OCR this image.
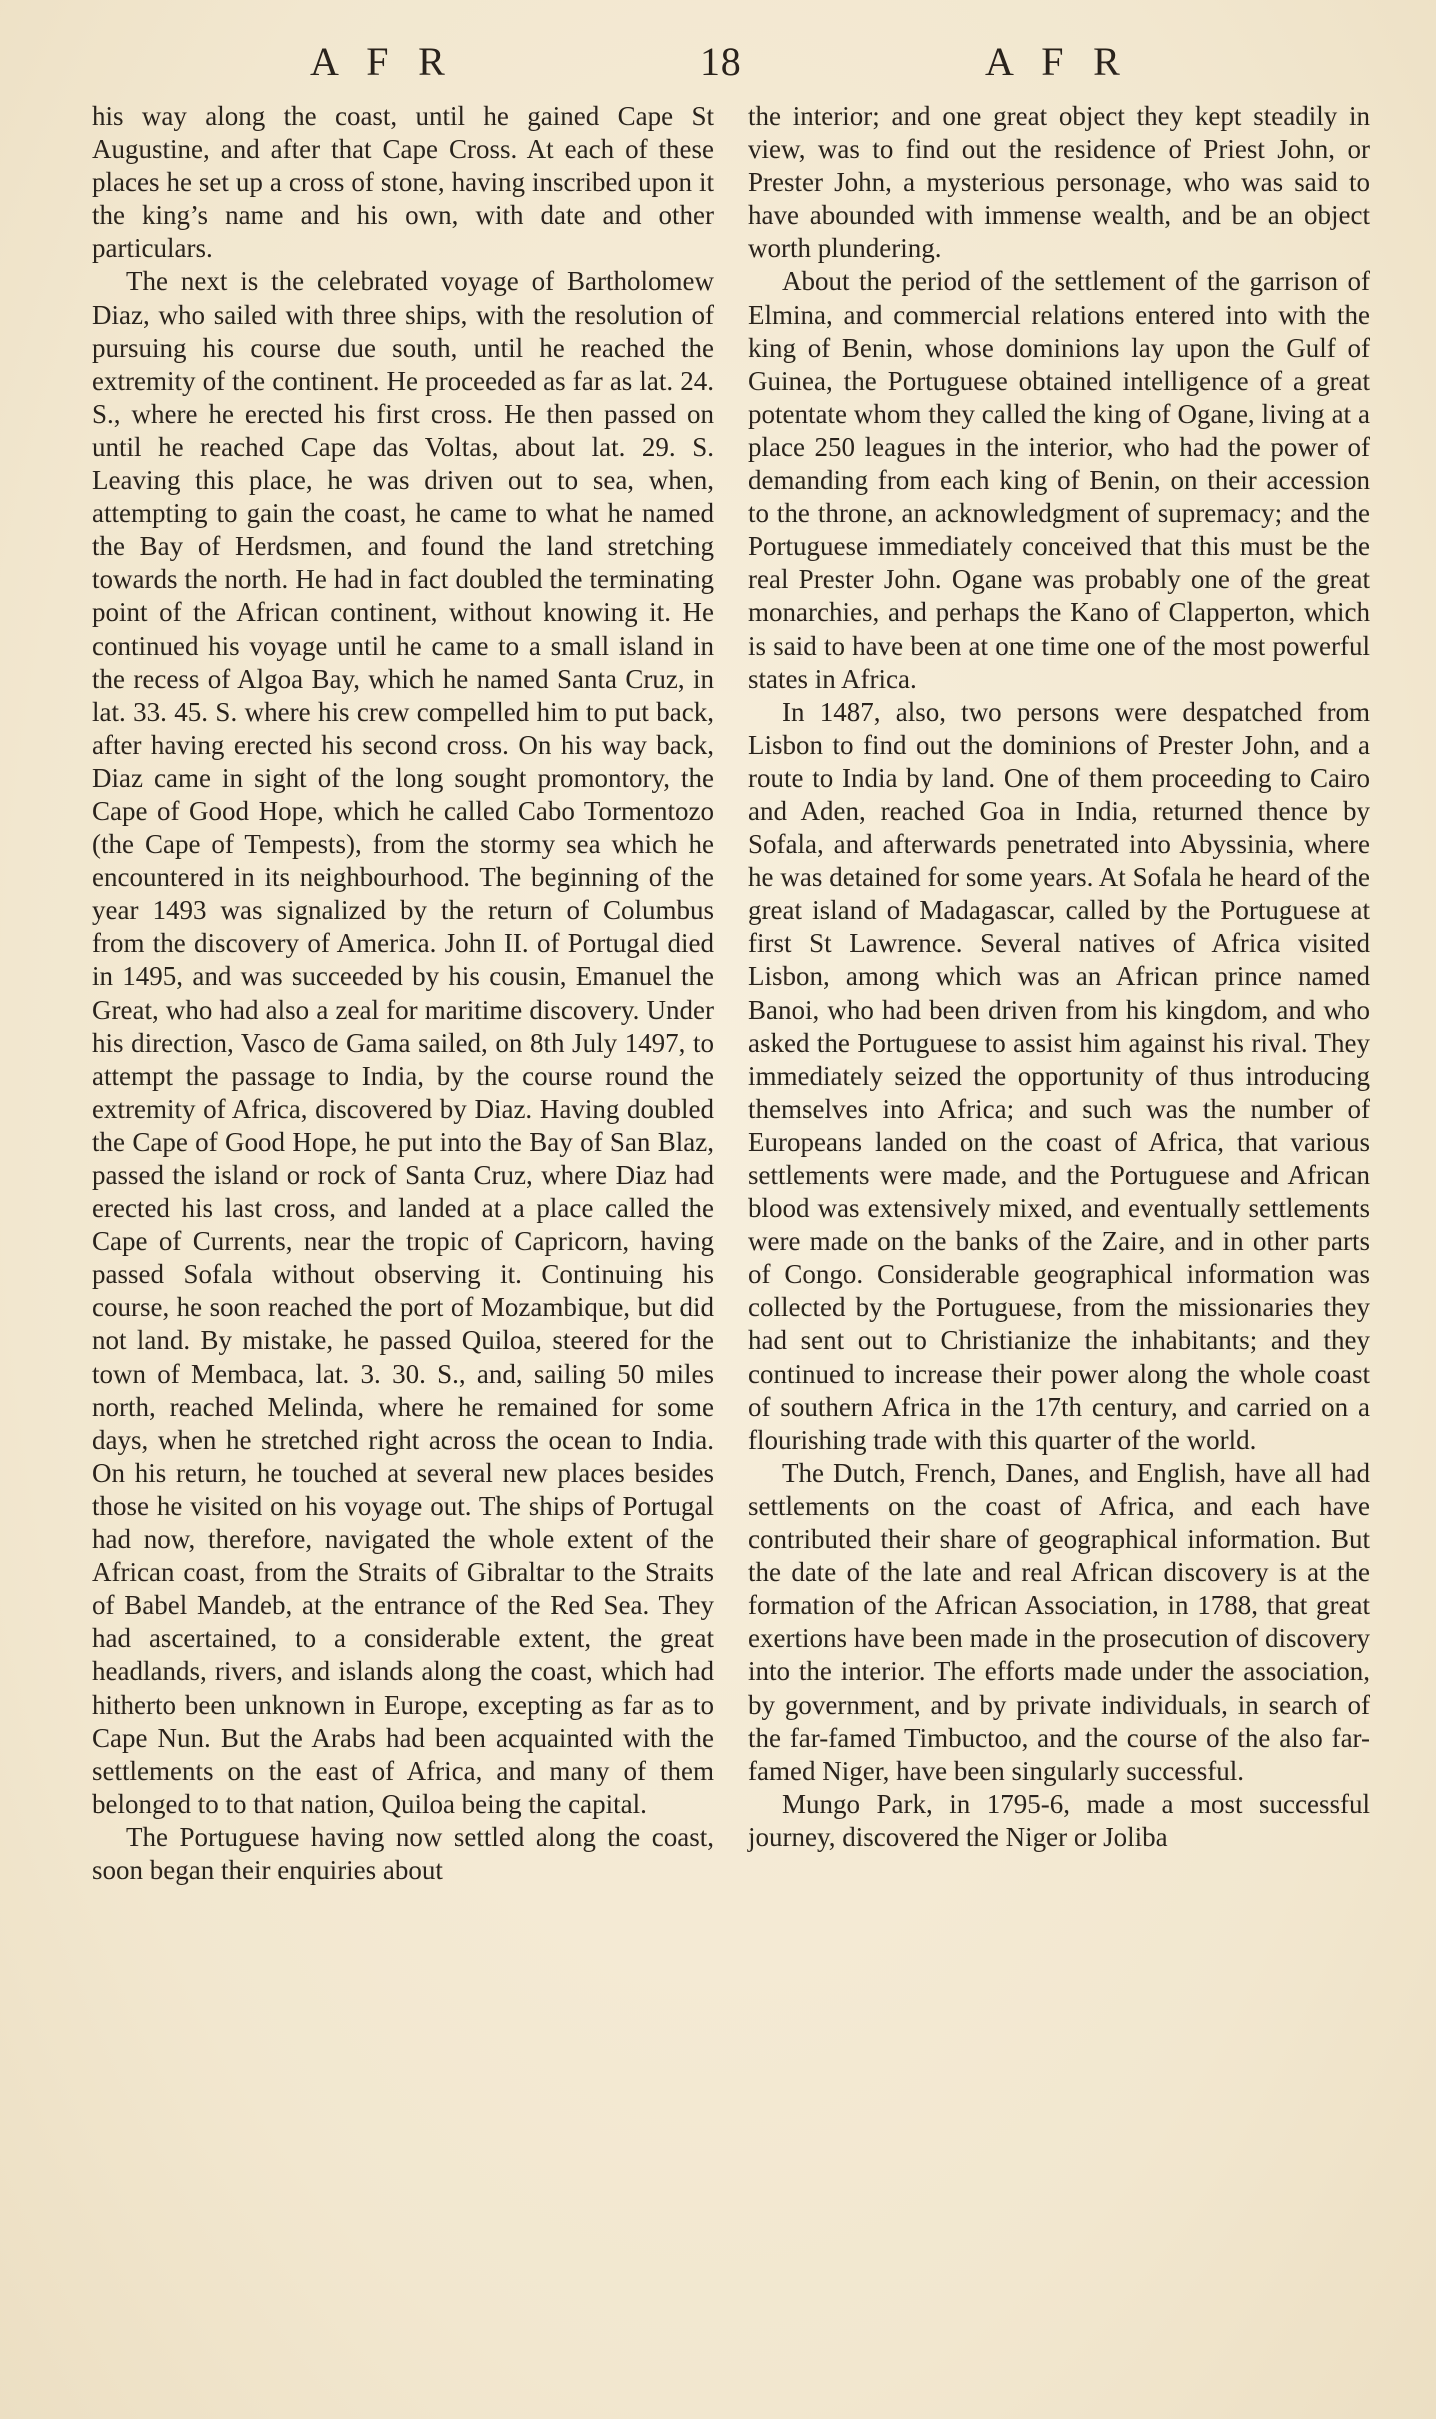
A F R	18	A F R

his way along the coast, until he gained Cape St Augustine, and after that Cape Cross. At each of these places he set up a cross of stone, having inscribed upon it the king’s name and his own, with date and other particulars.

The next is the celebrated voyage of Bartholomew Diaz, who sailed with three ships, with the resolution of pursuing his course due south, until he reached the extremity of the continent. He proceeded as far as lat. 24. S., where he erected his first cross. He then passed on until he reached Cape das Voltas, about lat. 29. S. Leaving this place, he was driven out to sea, when, attempting to gain the coast, he came to what he named the Bay of Herdsmen, and found the land stretching towards the north. He had in fact doubled the terminating point of the African continent, without knowing it. He continued his voyage until he came to a small island in the recess of Algoa Bay, which he named Santa Cruz, in lat. 33. 45. S. where his crew compelled him to put back, after having erected his second cross. On his way back, Diaz came in sight of the long sought promontory, the Cape of Good Hope, which he called Cabo Tormentozo (the Cape of Tempests), from the stormy sea which he encountered in its neighbourhood. The beginning of the year 1493 was signalized by the return of Columbus from the discovery of America. John II. of Portugal died in 1495, and was succeeded by his cousin, Emanuel the Great, who had also a zeal for maritime discovery. Under his direction, Vasco de Gama sailed, on 8th July 1497, to attempt the passage to India, by the course round the extremity of Africa, discovered by Diaz. Having doubled the Cape of Good Hope, he put into the Bay of San Blaz, passed the island or rock of Santa Cruz, where Diaz had erected his last cross, and landed at a place called the Cape of Currents, near the tropic of Capricorn, having passed Sofala without observing it. Continuing his course, he soon reached the port of Mozambique, but did not land. By mistake, he passed Quiloa, steered for the town of Membaca, lat. 3. 30. S., and, sailing 50 miles north, reached Melinda, where he remained for some days, when he stretched right across the ocean to India. On his return, he touched at several new places besides those he visited on his voyage out. The ships of Portugal had now, therefore, navigated the whole extent of the African coast, from the Straits of Gibraltar to the Straits of Babel Mandeb, at the entrance of the Red Sea. They had ascertained, to a considerable extent, the great headlands, rivers, and islands along the coast, which had hitherto been unknown in Europe, excepting as far as to Cape Nun. But the Arabs had been acquainted with the settlements on the east of Africa, and many of them belonged to to that nation, Quiloa being the capital.

The Portuguese having now settled along the coast, soon began their enquiries about

the interior; and one great object they kept steadily in view, was to find out the residence of Priest John, or Prester John, a mysterious personage, who was said to have abounded with immense wealth, and be an object worth plundering.

About the period of the settlement of the garrison of Elmina, and commercial relations entered into with the king of Benin, whose dominions lay upon the Gulf of Guinea, the Portuguese obtained intelligence of a great potentate whom they called the king of Ogane, living at a place 250 leagues in the interior, who had the power of demanding from each king of Benin, on their accession to the throne, an acknowledgment of supremacy; and the Portuguese immediately conceived that this must be the real Prester John. Ogane was probably one of the great monarchies, and perhaps the Kano of Clapperton, which is said to have been at one time one of the most powerful states in Africa.

In 1487, also, two persons were despatched from Lisbon to find out the dominions of Prester John, and a route to India by land. One of them proceeding to Cairo and Aden, reached Goa in India, returned thence by Sofala, and afterwards penetrated into Abyssinia, where he was detained for some years. At Sofala he heard of the great island of Madagascar, called by the Portuguese at first St Lawrence. Several natives of Africa visited Lisbon, among which was an African prince named Banoi, who had been driven from his kingdom, and who asked the Portuguese to assist him against his rival. They immediately seized the opportunity of thus introducing themselves into Africa; and such was the number of Europeans landed on the coast of Africa, that various settlements were made, and the Portuguese and African blood was extensively mixed, and eventually settlements were made on the banks of the Zaire, and in other parts of Congo. Considerable geographical information was collected by the Portuguese, from the missionaries they had sent out to Christianize the inhabitants; and they continued to increase their power along the whole coast of southern Africa in the 17th century, and carried on a flourishing trade with this quarter of the world.

The Dutch, French, Danes, and English, have all had settlements on the coast of Africa, and each have contributed their share of geographical information. But the date of the late and real African discovery is at the formation of the African Association, in 1788, that great exertions have been made in the prosecution of discovery into the interior. The efforts made under the association, by government, and by private individuals, in search of the far-famed Timbuctoo, and the course of the also far-famed Niger, have been singularly successful.

Mungo Park, in 1795-6, made a most successful journey, discovered the Niger or Joliba
